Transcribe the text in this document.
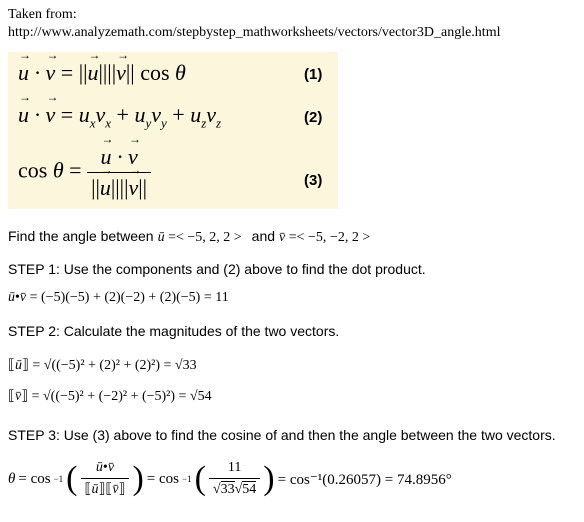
Taken from:
http://www.analyzemath.com/stepbystep_mathworksheets/vectors/vector3D_angle.html
→ u · → v = ||→ u||||→ v|| cos θ	(1)
→ u · → $v = u_xv_x + u_yv_y + u_zv_z$	(2)
cos θ =
→ $\frac{u \cdot \to v}{||\to u||||\to v||}$	(3)
Find the angle between ū =< −5, 2, 2 > and v̄ =< −5, −2, 2 >
STEP 1: Use the components and (2) above to find the dot product.
ū•v̄ = (−5)(−5) + (2)(−2) + (2)(−5) = 11
STEP 2: Calculate the magnitudes of the two vectors.
⟦ū⟧ = √((−5)² + (2)² + (2)²) = √33
⟦v̄⟧ = √((−5)² + (−2)² + (−5)²) = √54
STEP 3: Use (3) above to find the cosine of and then the angle between the two vectors.
θ = cos −1 ( $\frac{ū•v̄}{⟦ū⟧⟦v̄⟧}$ ) = cos −1 ( $\frac{11}{√33√54}$ ) = cos⁻¹(0.26057) = 74.8956°
